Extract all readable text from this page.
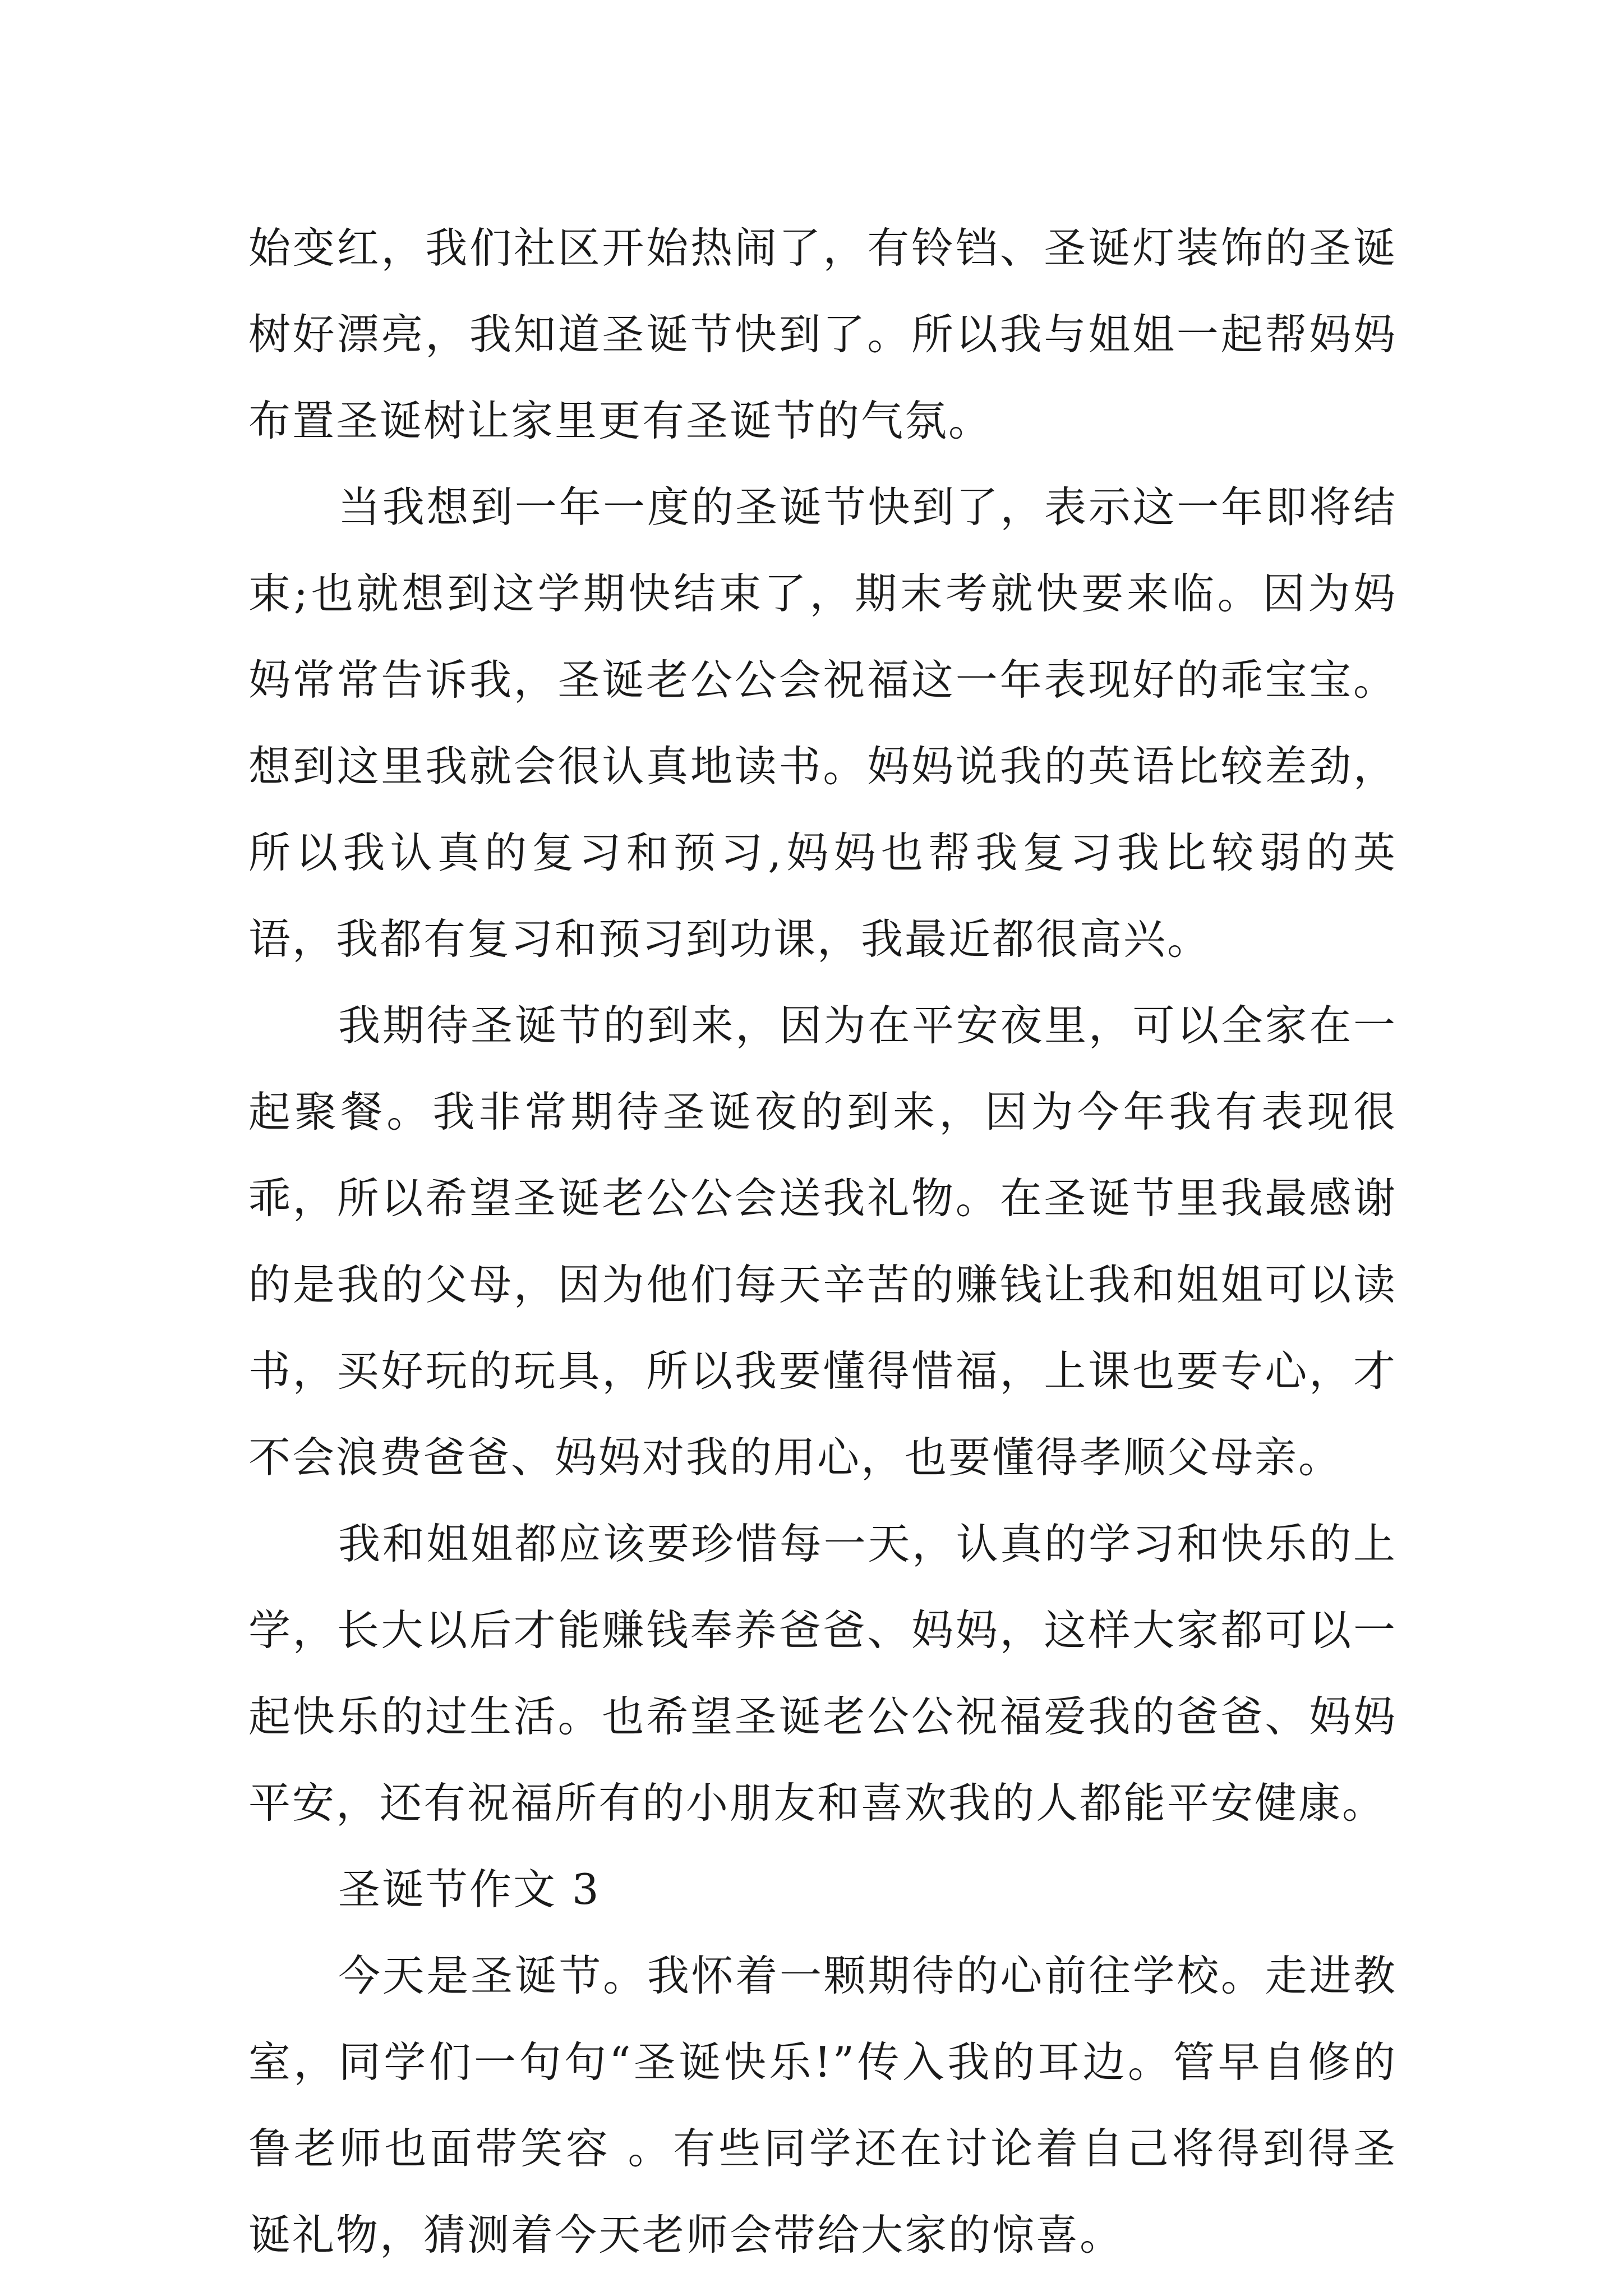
始变红，我们社区开始热闹了，有铃铛、圣诞灯装饰的圣诞树好漂亮，我知道圣诞节快到了。所以我与姐姐一起帮妈妈布置圣诞树让家里更有圣诞节的气氛。

当我想到一年一度的圣诞节快到了，表示这一年即将结束;也就想到这学期快结束了，期末考就快要来临。因为妈妈常常告诉我，圣诞老公公会祝福这一年表现好的乖宝宝。想到这里我就会很认真地读书。妈妈说我的英语比较差劲，所以我认真的复习和预习,妈妈也帮我复习我比较弱的英语，我都有复习和预习到功课，我最近都很高兴。

我期待圣诞节的到来，因为在平安夜里，可以全家在一起聚餐。我非常期待圣诞夜的到来，因为今年我有表现很乖，所以希望圣诞老公公会送我礼物。在圣诞节里我最感谢的是我的父母，因为他们每天辛苦的赚钱让我和姐姐可以读书，买好玩的玩具，所以我要懂得惜福，上课也要专心，才不会浪费爸爸、妈妈对我的用心，也要懂得孝顺父母亲。

我和姐姐都应该要珍惜每一天，认真的学习和快乐的上学，长大以后才能赚钱奉养爸爸、妈妈，这样大家都可以一起快乐的过生活。也希望圣诞老公公祝福爱我的爸爸、妈妈平安，还有祝福所有的小朋友和喜欢我的人都能平安健康。

圣诞节作文 3

今天是圣诞节。我怀着一颗期待的心前往学校。走进教室，同学们一句句“圣诞快乐!”传入我的耳边。管早自修的鲁老师也面带笑容 。有些同学还在讨论着自己将得到得圣诞礼物，猜测着今天老师会带给大家的惊喜。
